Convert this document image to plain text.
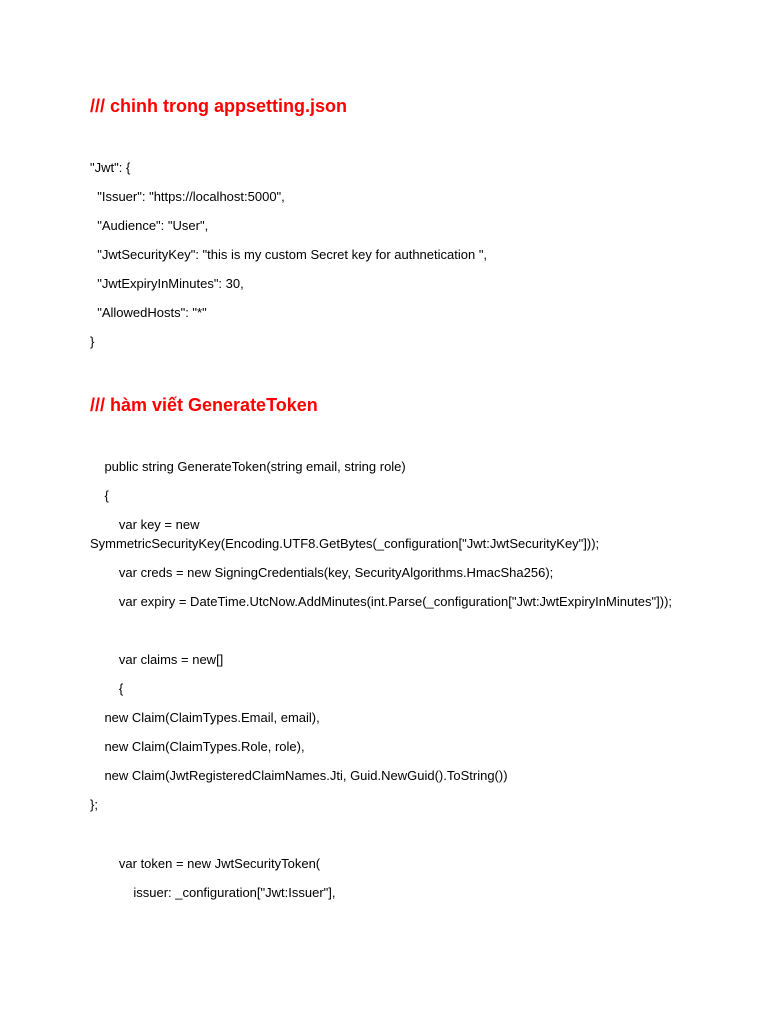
/// chinh trong appsetting.json
"Jwt": {
"Issuer": "https://localhost:5000",
"Audience": "User",
"JwtSecurityKey": "this is my custom Secret key for authnetication ",
"JwtExpiryInMinutes": 30,
"AllowedHosts": "*"
}
/// hàm viết GenerateToken
public string GenerateToken(string email, string role)
{
var key = new
SymmetricSecurityKey(Encoding.UTF8.GetBytes(_configuration["Jwt:JwtSecurityKey"]));
var creds = new SigningCredentials(key, SecurityAlgorithms.HmacSha256);
var expiry = DateTime.UtcNow.AddMinutes(int.Parse(_configuration["Jwt:JwtExpiryInMinutes"]));
var claims = new[]
{
new Claim(ClaimTypes.Email, email),
new Claim(ClaimTypes.Role, role),
new Claim(JwtRegisteredClaimNames.Jti, Guid.NewGuid().ToString())
};
var token = new JwtSecurityToken(
issuer: _configuration["Jwt:Issuer"],
